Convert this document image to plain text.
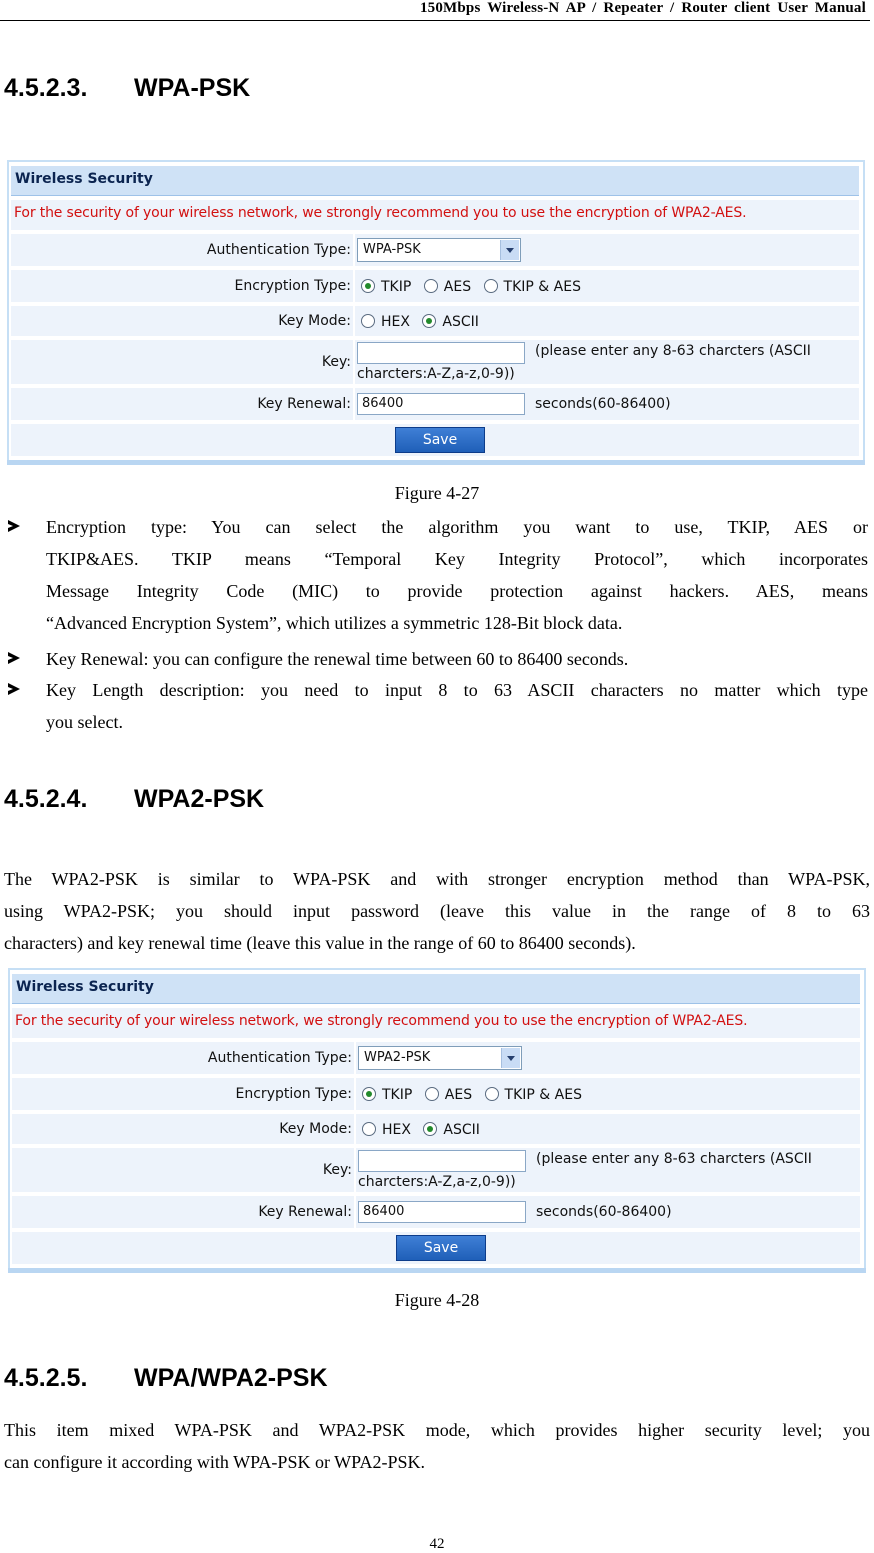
150Mbps Wireless-N AP / Repeater / Router client User Manual
4.5.2.3. WPA-PSK
Wireless Security
For the security of your wireless network, we strongly recommend you to use the encryption of WPA2-AES.
Authentication Type: WPA-PSK
Encryption Type:	TKIP AES TKIP & AES
Key Mode:	HEX ASCII
Key:
(please enter any 8-63 charcters (ASCII
charcters:A-Z,a-z,0-9))
Key Renewal: 86400	seconds(60-86400)
Save
Figure 4-27
Encryption type: You can select the algorithm you want to use, TKIP, AES or
TKIP&AES. TKIP means “Temporal Key Integrity Protocol”, which incorporates
Message Integrity Code (MIC) to provide protection against hackers. AES, means
“Advanced Encryption System”, which utilizes a symmetric 128-Bit block data.
Key Renewal: you can configure the renewal time between 60 to 86400 seconds.
Key Length description: you need to input 8 to 63 ASCII characters no matter which type
you select.
4.5.2.4. WPA2-PSK
The WPA2-PSK is similar to WPA-PSK and with stronger encryption method than WPA-PSK,
using WPA2-PSK; you should input password (leave this value in the range of 8 to 63
characters) and key renewal time (leave this value in the range of 60 to 86400 seconds).
Wireless Security
For the security of your wireless network, we strongly recommend you to use the encryption of WPA2-AES.
Authentication Type: WPA2-PSK
Encryption Type:	TKIP AES TKIP & AES
Key Mode:	HEX ASCII
Key:
(please enter any 8-63 charcters (ASCII
charcters:A-Z,a-z,0-9))
Key Renewal: 86400	seconds(60-86400)
Save
Figure 4-28
4.5.2.5. WPA/WPA2-PSK
This item mixed WPA-PSK and WPA2-PSK mode, which provides higher security level; you
can configure it according with WPA-PSK or WPA2-PSK.
42
